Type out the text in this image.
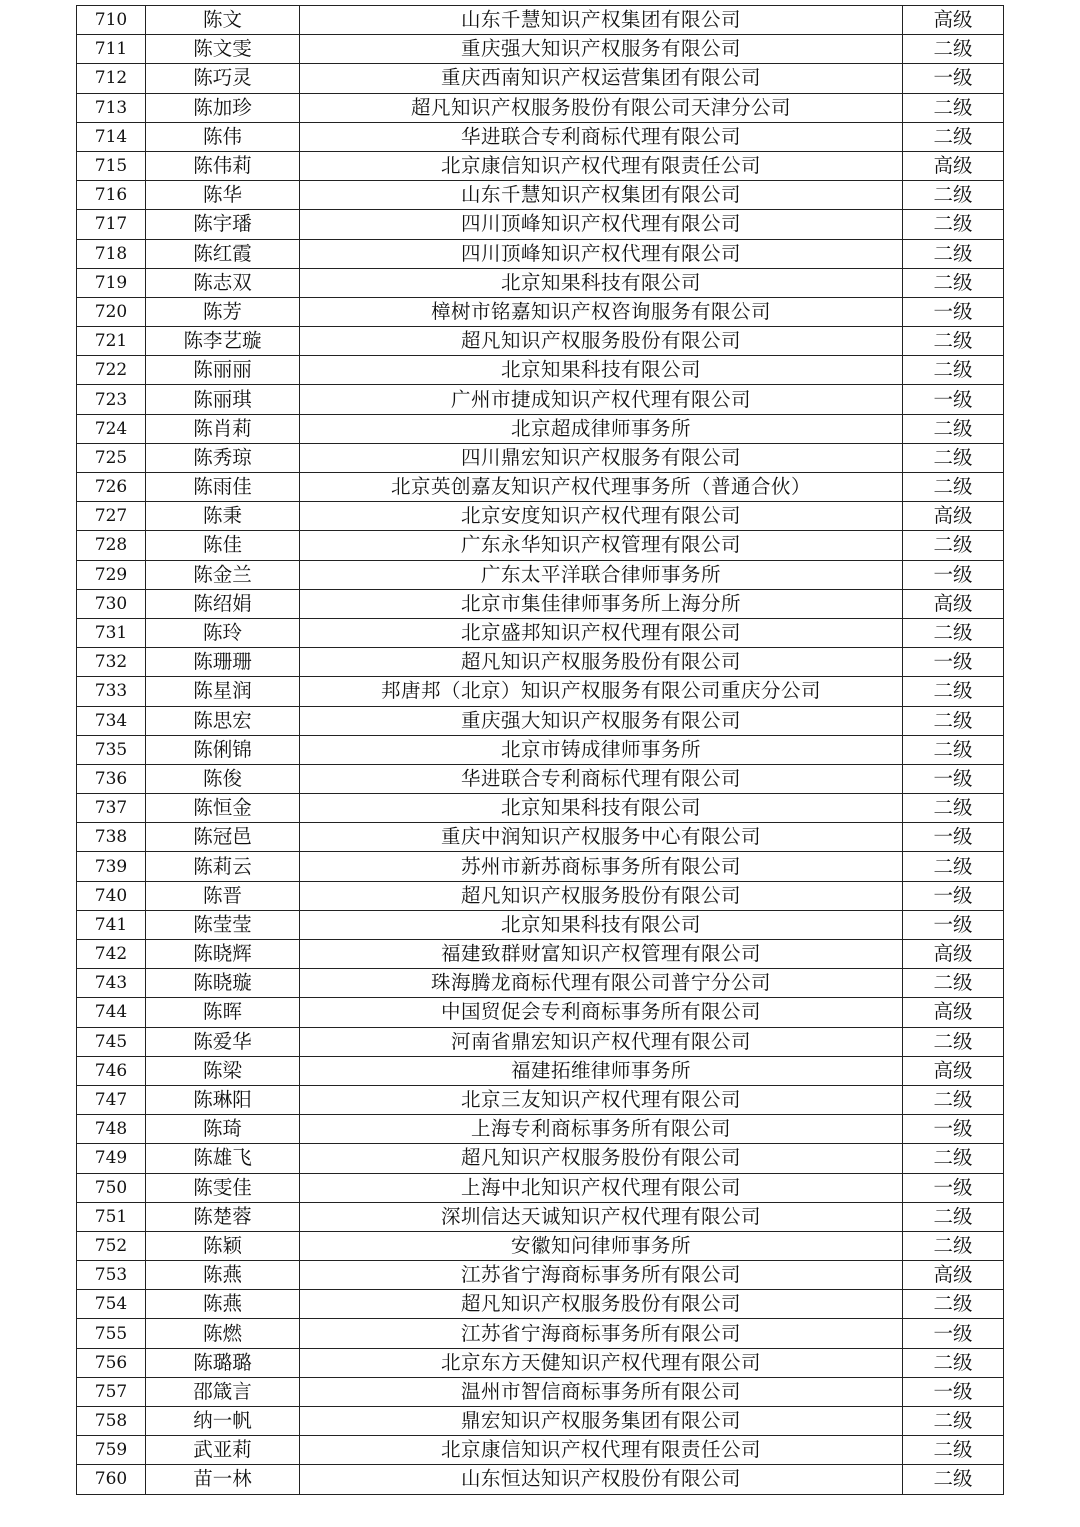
710	陈文	山东千慧知识产权集团有限公司	高级
711	陈文雯	重庆强大知识产权服务有限公司	二级
712	陈巧灵	重庆西南知识产权运营集团有限公司	一级
713	陈加珍	超凡知识产权服务股份有限公司天津分公司	二级
714	陈伟	华进联合专利商标代理有限公司	二级
715	陈伟莉	北京康信知识产权代理有限责任公司	高级
716	陈华	山东千慧知识产权集团有限公司	二级
717	陈宇璠	四川顶峰知识产权代理有限公司	二级
718	陈红霞	四川顶峰知识产权代理有限公司	二级
719	陈志双	北京知果科技有限公司	二级
720	陈芳	樟树市铭嘉知识产权咨询服务有限公司	一级
721	陈李艺璇	超凡知识产权服务股份有限公司	二级
722	陈丽丽	北京知果科技有限公司	二级
723	陈丽琪	广州市捷成知识产权代理有限公司	一级
724	陈肖莉	北京超成律师事务所	二级
725	陈秀琼	四川鼎宏知识产权服务有限公司	二级
726	陈雨佳	北京英创嘉友知识产权代理事务所（普通合伙）	二级
727	陈秉	北京安度知识产权代理有限公司	高级
728	陈佳	广东永华知识产权管理有限公司	二级
729	陈金兰	广东太平洋联合律师事务所	一级
730	陈绍娟	北京市集佳律师事务所上海分所	高级
731	陈玲	北京盛邦知识产权代理有限公司	二级
732	陈珊珊	超凡知识产权服务股份有限公司	一级
733	陈星润	邦唐邦（北京）知识产权服务有限公司重庆分公司	二级
734	陈思宏	重庆强大知识产权服务有限公司	二级
735	陈俐锦	北京市铸成律师事务所	二级
736	陈俊	华进联合专利商标代理有限公司	一级
737	陈恒金	北京知果科技有限公司	二级
738	陈冠邑	重庆中润知识产权服务中心有限公司	一级
739	陈莉云	苏州市新苏商标事务所有限公司	二级
740	陈晋	超凡知识产权服务股份有限公司	一级
741	陈莹莹	北京知果科技有限公司	一级
742	陈晓辉	福建致群财富知识产权管理有限公司	高级
743	陈晓璇	珠海腾龙商标代理有限公司普宁分公司	二级
744	陈晖	中国贸促会专利商标事务所有限公司	高级
745	陈爱华	河南省鼎宏知识产权代理有限公司	二级
746	陈梁	福建拓维律师事务所	高级
747	陈琳阳	北京三友知识产权代理有限公司	二级
748	陈琦	上海专利商标事务所有限公司	一级
749	陈雄飞	超凡知识产权服务股份有限公司	二级
750	陈雯佳	上海中北知识产权代理有限公司	一级
751	陈楚蓉	深圳信达天诚知识产权代理有限公司	二级
752	陈颖	安徽知问律师事务所	二级
753	陈燕	江苏省宁海商标事务所有限公司	高级
754	陈燕	超凡知识产权服务股份有限公司	二级
755	陈燃	江苏省宁海商标事务所有限公司	一级
756	陈璐璐	北京东方天健知识产权代理有限公司	二级
757	邵箴言	温州市智信商标事务所有限公司	一级
758	纳一帆	鼎宏知识产权服务集团有限公司	二级
759	武亚莉	北京康信知识产权代理有限责任公司	二级
760	苗一林	山东恒达知识产权股份有限公司	二级
